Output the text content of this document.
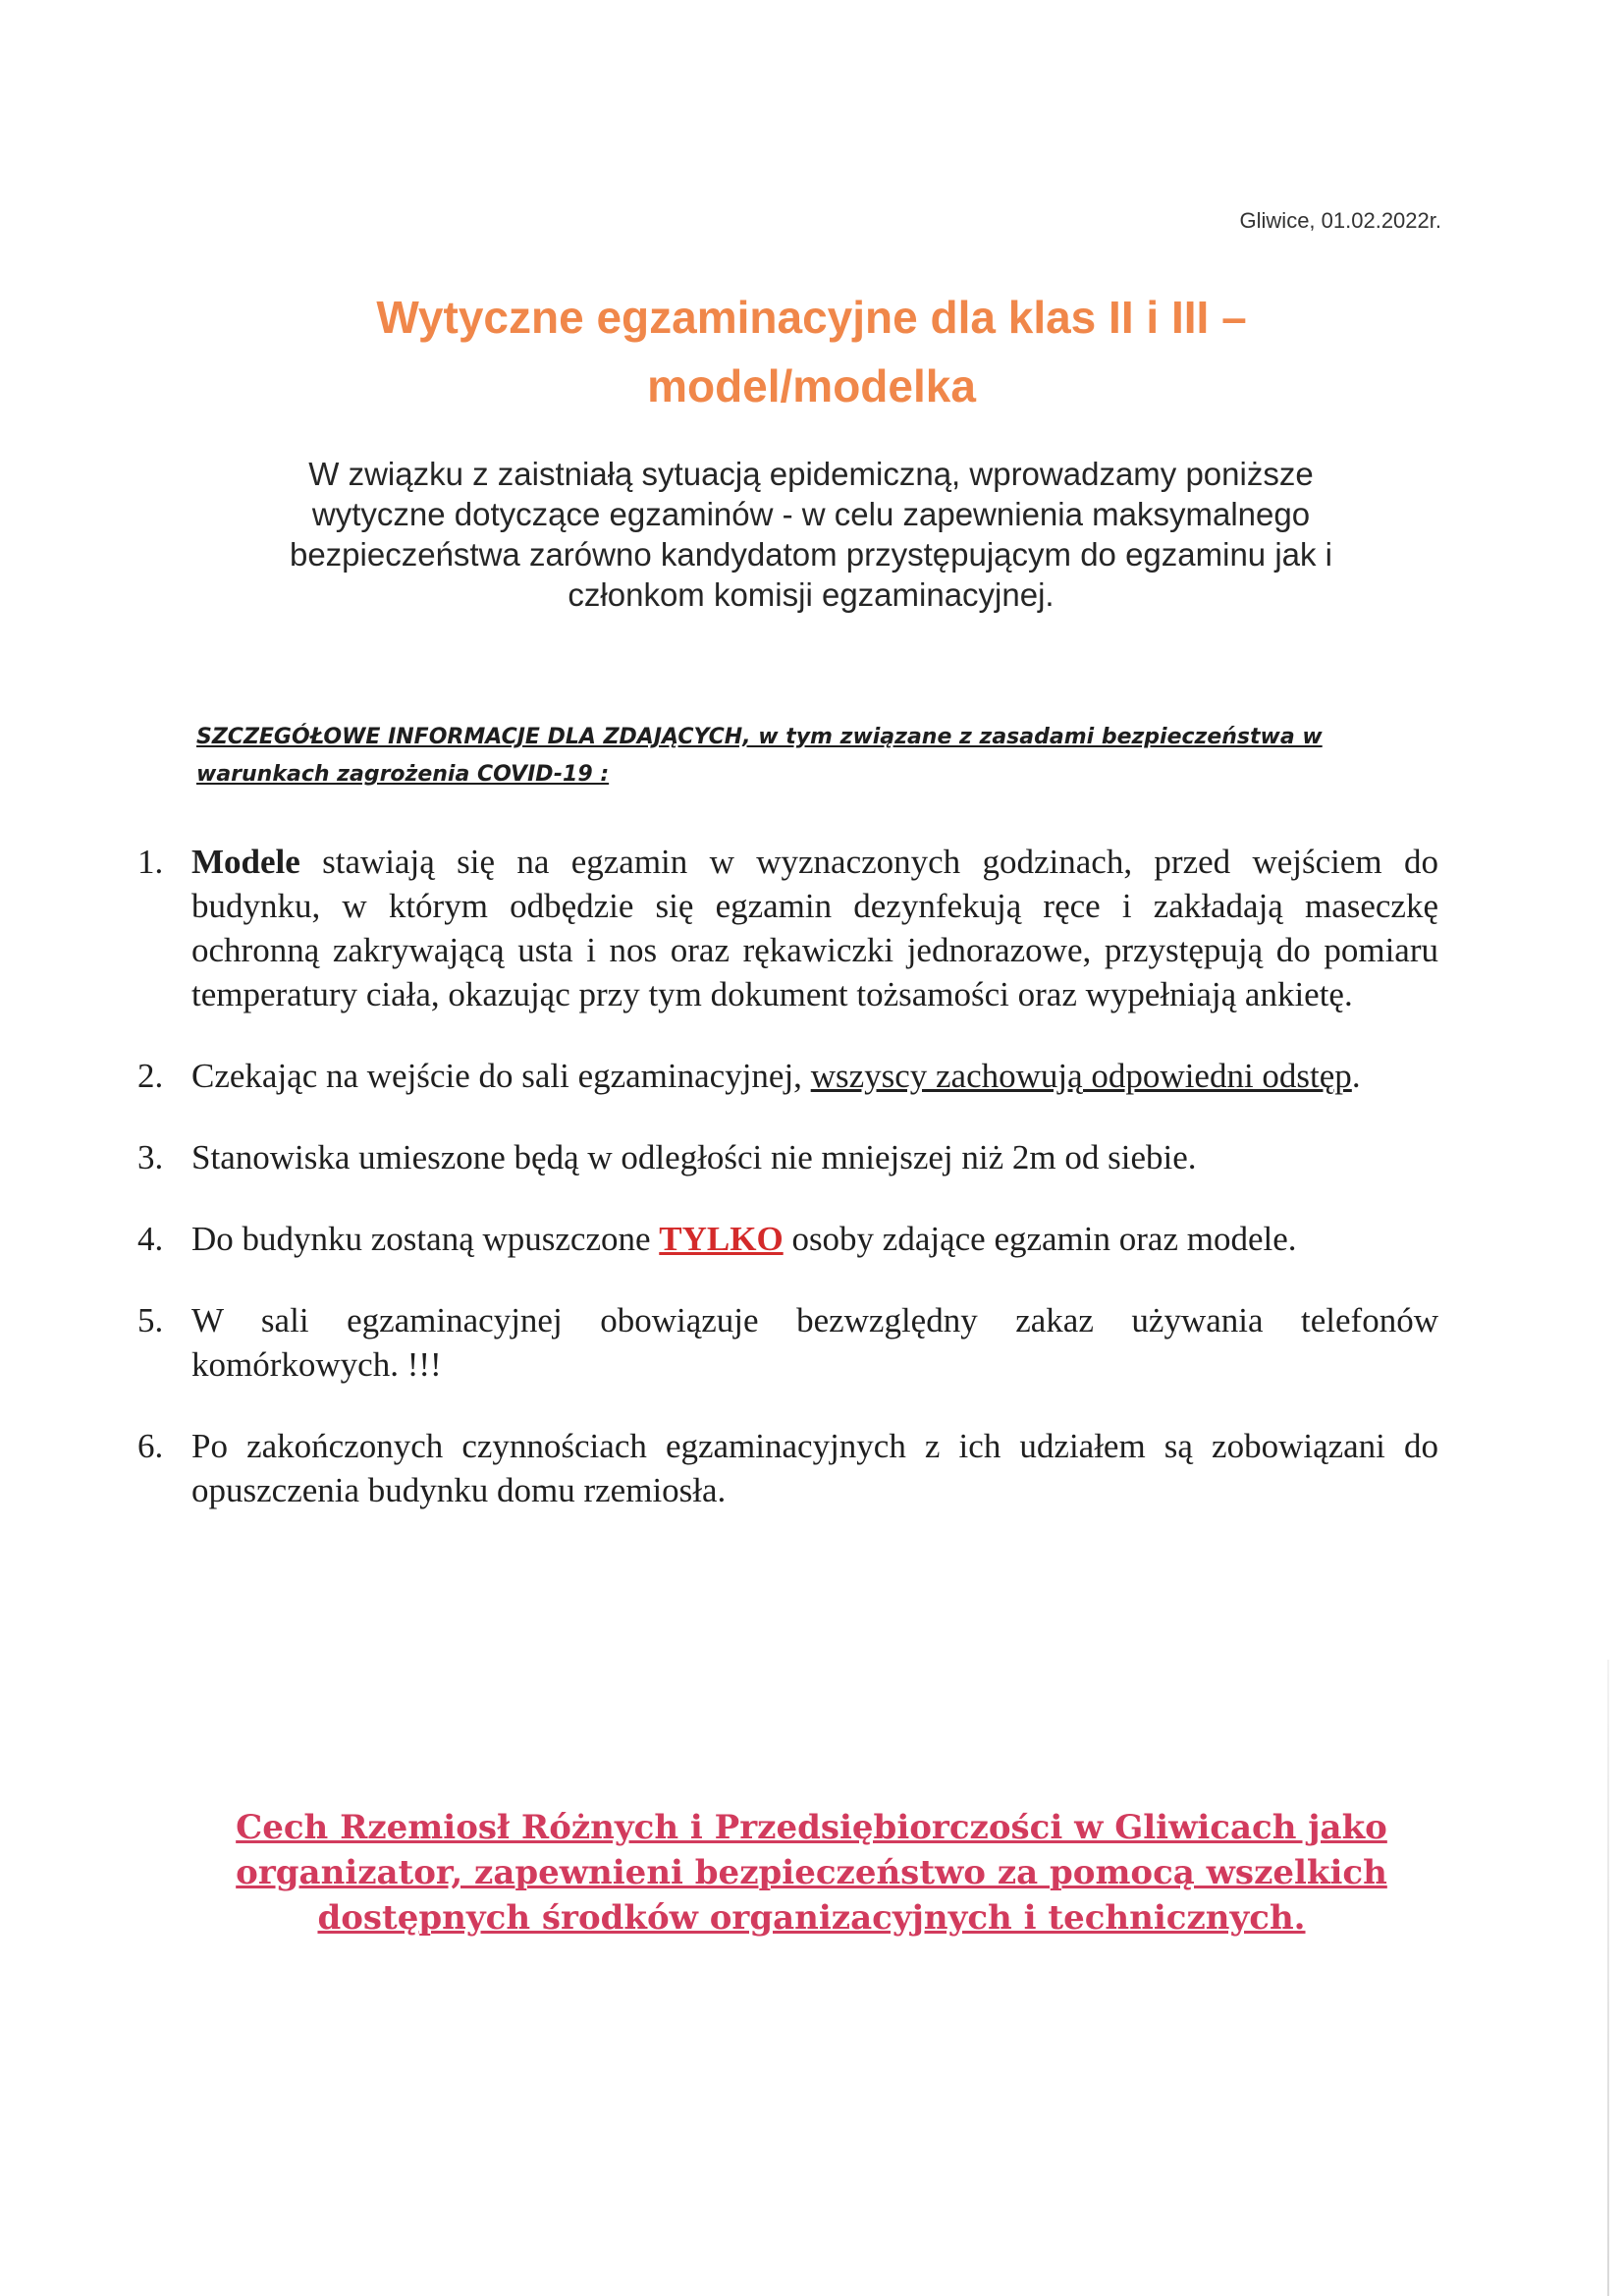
Gliwice, 01.02.2022r.
Wytyczne egzaminacyjne dla klas II i III –
model/modelka
W związku z zaistniałą sytuacją epidemiczną, wprowadzamy poniższe
wytyczne dotyczące egzaminów - w celu zapewnienia maksymalnego
bezpieczeństwa zarówno kandydatom przystępującym do egzaminu jak i
członkom komisji egzaminacyjnej.
SZCZEGÓŁOWE INFORMACJE DLA ZDAJĄCYCH, w tym związane z zasadami bezpieczeństwa w
warunkach zagrożenia COVID-19 :
1. Modele stawiają się na egzamin w wyznaczonych godzinach, przed wejściem do budynku, w którym odbędzie się egzamin dezynfekują ręce i zakładają maseczkę ochronną zakrywającą usta i nos oraz rękawiczki jednorazowe, przystępują do pomiaru temperatury ciała, okazując przy tym dokument tożsamości oraz wypełniają ankietę.
2. Czekając na wejście do sali egzaminacyjnej, wszyscy zachowują odpowiedni odstęp.
3. Stanowiska umieszone będą w odległości nie mniejszej niż 2m od siebie.
4. Do budynku zostaną wpuszczone TYLKO osoby zdające egzamin oraz modele.
5. W sali egzaminacyjnej obowiązuje bezwzględny zakaz używania telefonów komórkowych. !!!
6. Po zakończonych czynnościach egzaminacyjnych z ich udziałem są zobowiązani do opuszczenia budynku domu rzemiosła.
Cech Rzemiosł Różnych i Przedsiębiorczości w Gliwicach jako
organizator, zapewnieni bezpieczeństwo za pomocą wszelkich
dostępnych środków organizacyjnych i technicznych.
